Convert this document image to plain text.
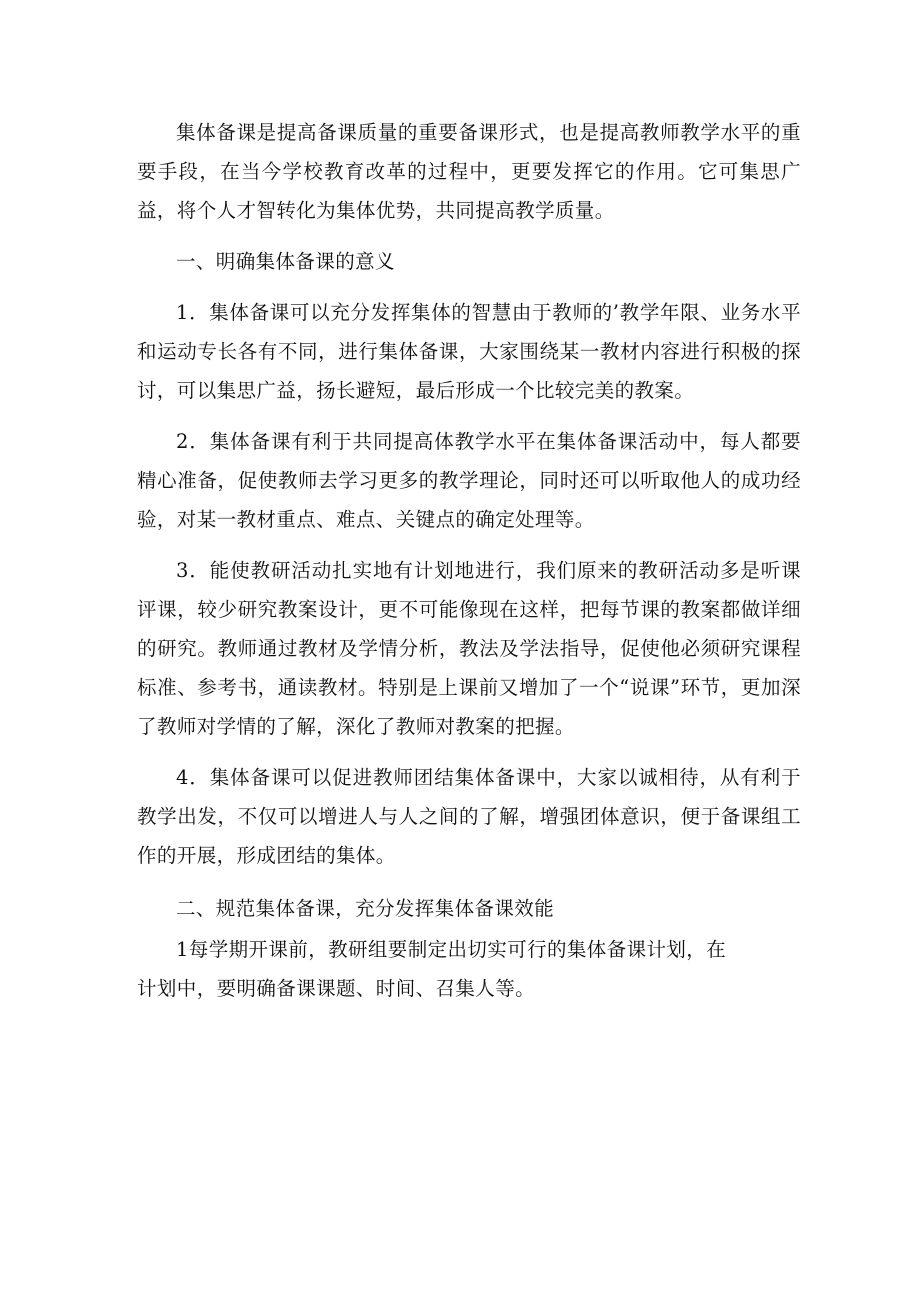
集体备课是提高备课质量的重要备课形式，也是提高教师教学水平的重要手段，在当今学校教育改革的过程中，更要发挥它的作用。它可集思广益，将个人才智转化为集体优势，共同提高教学质量。

一、明确集体备课的意义

1．集体备课可以充分发挥集体的智慧由于教师的’教学年限、业务水平和运动专长各有不同，进行集体备课，大家围绕某一教材内容进行积极的探讨，可以集思广益，扬长避短，最后形成一个比较完美的教案。

2．集体备课有利于共同提高体教学水平在集体备课活动中，每人都要精心准备，促使教师去学习更多的教学理论，同时还可以听取他人的成功经验，对某一教材重点、难点、关键点的确定处理等。

3．能使教研活动扎实地有计划地进行，我们原来的教研活动多是听课评课，较少研究教案设计，更不可能像现在这样，把每节课的教案都做详细的研究。教师通过教材及学情分析，教法及学法指导，促使他必须研究课程标准、参考书，通读教材。特别是上课前又增加了一个“说课”环节，更加深了教师对学情的了解，深化了教师对教案的把握。

4．集体备课可以促进教师团结集体备课中，大家以诚相待，从有利于教学出发，不仅可以增进人与人之间的了解，增强团体意识，便于备课组工作的开展，形成团结的集体。

二、规范集体备课，充分发挥集体备课效能

1每学期开课前，教研组要制定出切实可行的集体备课计划，在

计划中，要明确备课课题、时间、召集人等。
